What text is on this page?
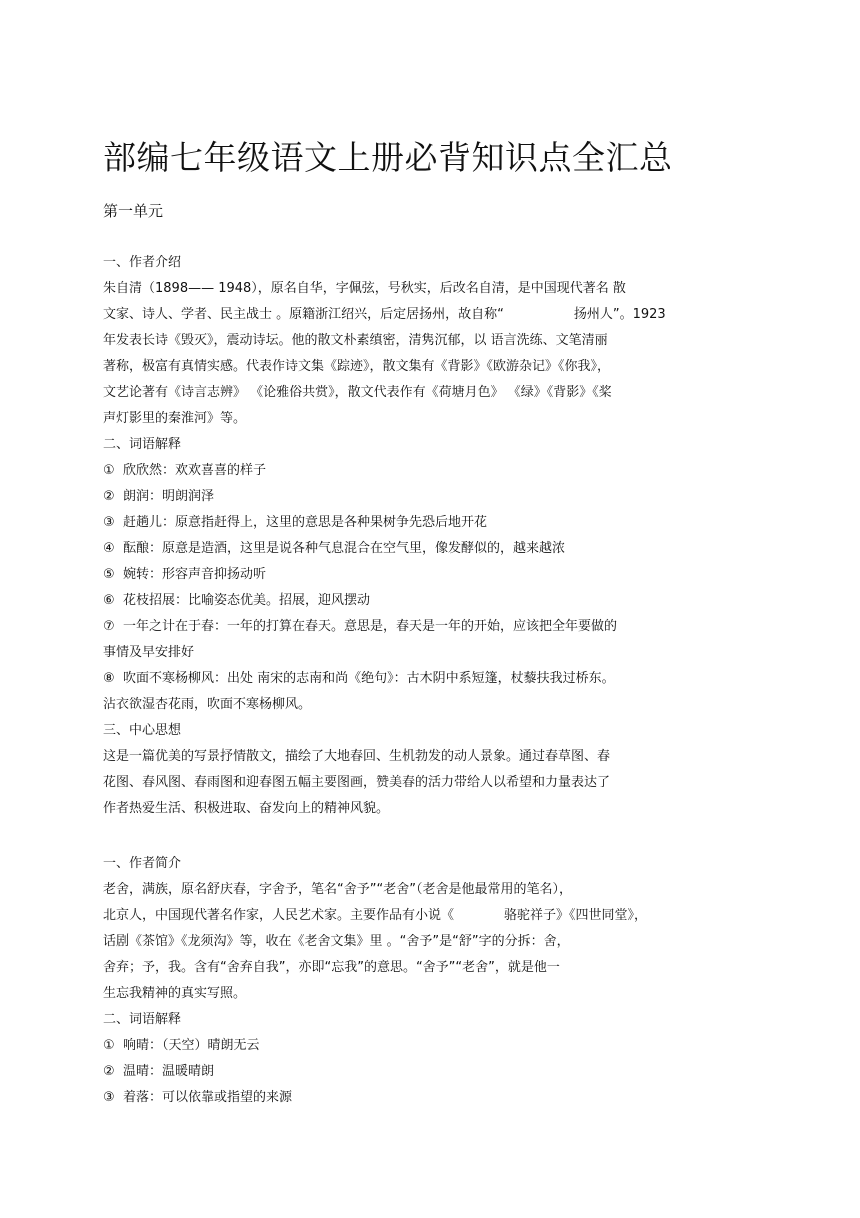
部编七年级语文上册必背知识点全汇总

第一单元

一、作者介绍

朱自清（1898—— 1948），原名自华，字佩弦，号秋实，后改名自清，是中国现代著名 散

文家、诗人、学者、民主战士 。原籍浙江绍兴，后定居扬州，故自称“	扬州人”。1923

年发表长诗《毁灭》，震动诗坛。他的散文朴素缜密，清隽沉郁，以 语言洗练、文笔清丽

著称，极富有真情实感。代表作诗文集《踪迹》，散文集有《背影》《欧游杂记》《你我》，

文艺论著有《诗言志辨》 《论雅俗共赏》，散文代表作有《荷塘月色》 《绿》《背影》《桨

声灯影里的秦淮河》等。

二、词语解释

① 欣欣然：欢欢喜喜的样子

② 朗润：明朗润泽

③ 赶趟儿：原意指赶得上，这里的意思是各种果树争先恐后地开花

④ 酝酿：原意是造酒，这里是说各种气息混合在空气里，像发酵似的，越来越浓

⑤ 婉转：形容声音抑扬动听

⑥ 花枝招展：比喻姿态优美。招展，迎风摆动

⑦ 一年之计在于春：一年的打算在春天。意思是，春天是一年的开始，应该把全年要做的

事情及早安排好

⑧ 吹面不寒杨柳风：出处 南宋的志南和尚《绝句》：古木阴中系短篷，杖藜扶我过桥东。

沾衣欲湿杏花雨，吹面不寒杨柳风。

三、中心思想

这是一篇优美的写景抒情散文，描绘了大地春回、生机勃发的动人景象。通过春草图、春

花图、春风图、春雨图和迎春图五幅主要图画，赞美春的活力带给人以希望和力量表达了

作者热爱生活、积极进取、奋发向上的精神风貌。

一、作者简介

老舍，满族，原名舒庆春，字舍予，笔名“舍予”“老舍”（老舍是他最常用的笔名），

北京人，中国现代著名作家，人民艺术家。主要作品有小说《	骆驼祥子》《四世同堂》，

话剧《茶馆》《龙须沟》等，收在《老舍文集》里 。“舍予”是“舒”字的分拆：舍，

舍弃；予，我。含有“舍弃自我”，亦即“忘我”的意思。“舍予”“老舍”，就是他一

生忘我精神的真实写照。

二、词语解释

① 响晴：（天空）晴朗无云

② 温晴：温暖晴朗

③ 着落：可以依靠或指望的来源
